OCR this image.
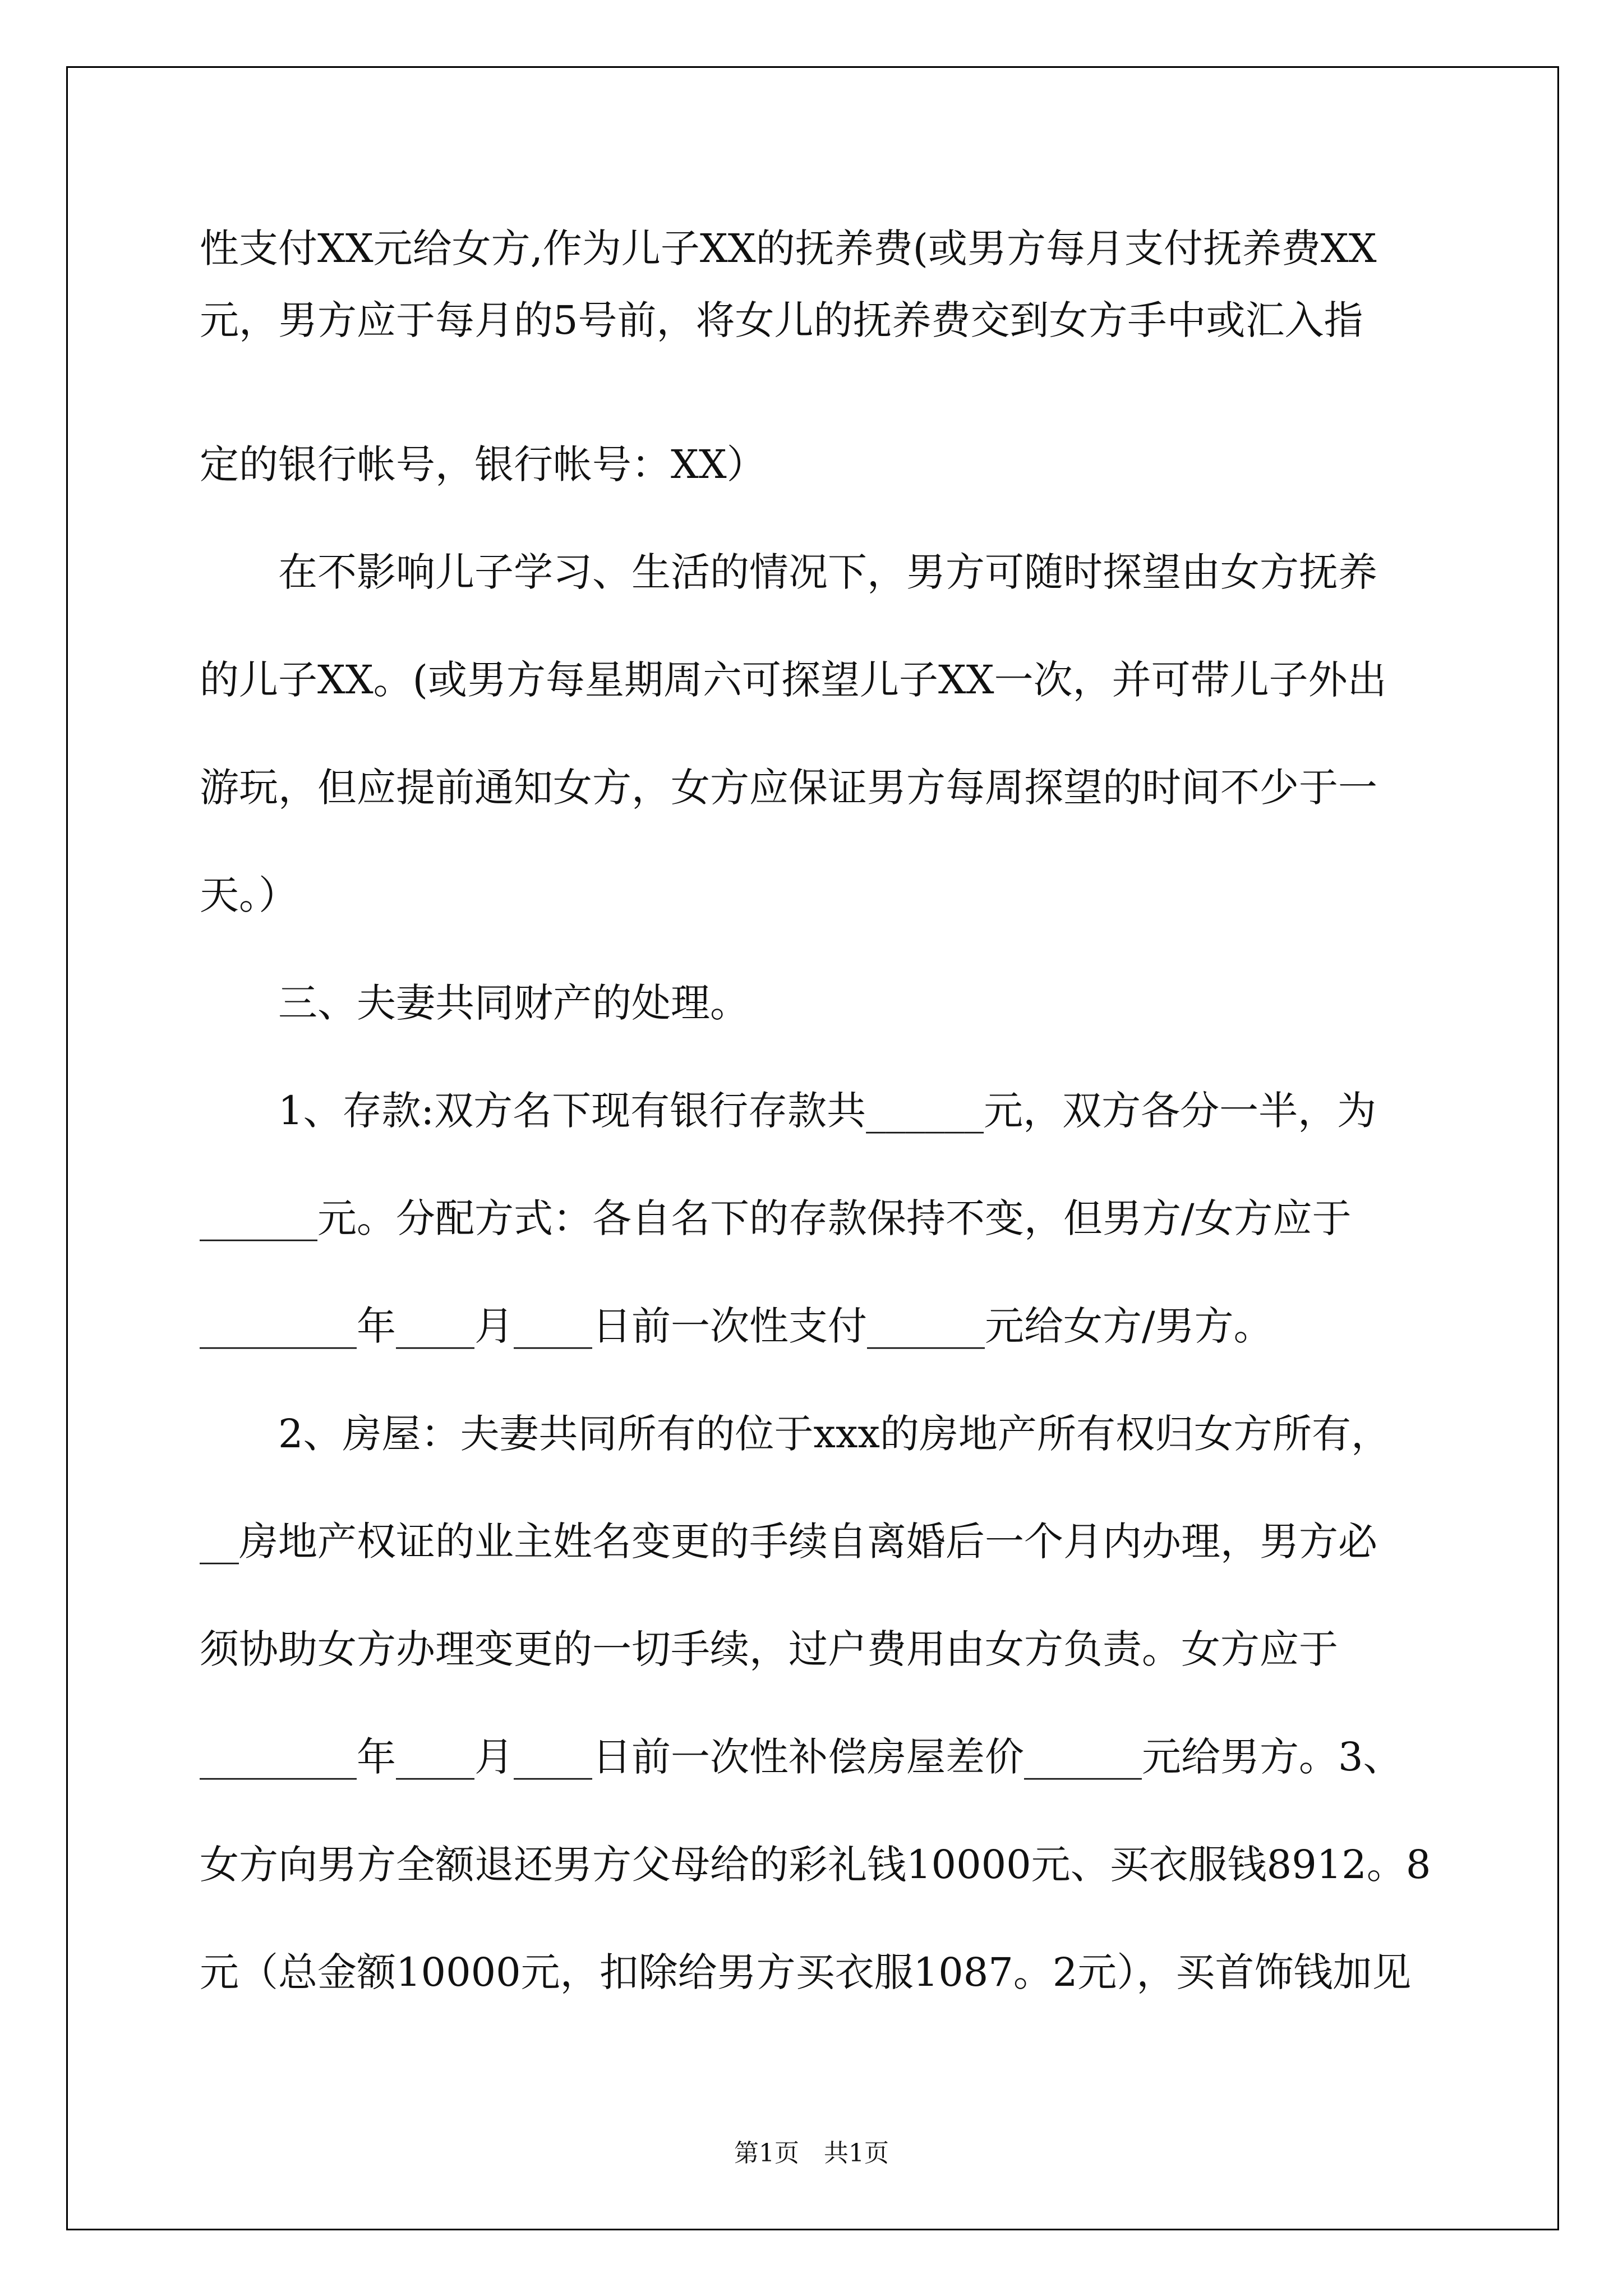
性支付XX元给女方,作为儿子XX的抚养费(或男方每月支付抚养费XX
元，男方应于每月的5号前，将女儿的抚养费交到女方手中或汇入指
定的银行帐号，银行帐号：XX）
　　在不影响儿子学习、生活的情况下，男方可随时探望由女方抚养
的儿子XX。(或男方每星期周六可探望儿子XX一次，并可带儿子外出
游玩，但应提前通知女方，女方应保证男方每周探望的时间不少于一
天。）
　　三、夫妻共同财产的处理。
　　1、存款:双方名下现有银行存款共______元，双方各分一半，为
______元。分配方式：各自名下的存款保持不变，但男方/女方应于
________年____月____日前一次性支付______元给女方/男方。
　　2、房屋：夫妻共同所有的位于xxx的房地产所有权归女方所有，
__房地产权证的业主姓名变更的手续自离婚后一个月内办理，男方必
须协助女方办理变更的一切手续，过户费用由女方负责。女方应于
________年____月____日前一次性补偿房屋差价______元给男方。3、
女方向男方全额退还男方父母给的彩礼钱10000元、买衣服钱8912。8
元（总金额10000元，扣除给男方买衣服1087。2元），买首饰钱加见
第1页　共1页
